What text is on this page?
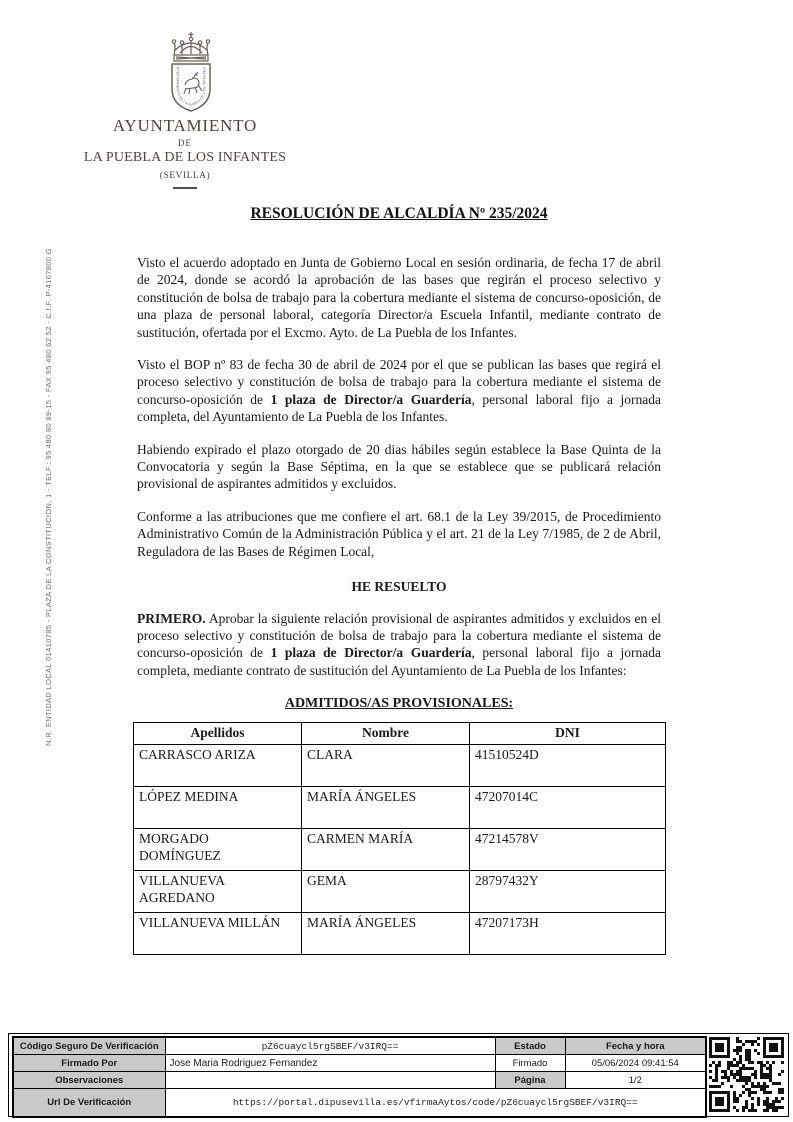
N.R. ENTIDAD LOCAL 01410785 - PLAZA DE LA CONSTITUCION, 1 - TELF.: 95 480 80 89-15 - FAX 95 480 62 52 - C.I.F. P-4107800 G
AYUNTAMIENTO DE LA PUEBLA DE LOS INFANTES
AYUNTAMIENTO
DE
LA PUEBLA DE LOS INFANTES
(SEVILLA)
RESOLUCIÓN DE ALCALDÍA Nº 235/2024

Visto el acuerdo adoptado en Junta de Gobierno Local en sesión ordinaria, de fecha 17 de abril de 2024, donde se acordó la aprobación de las bases que regirán el proceso selectivo y constitución de bolsa de trabajo para la cobertura mediante el sistema de concurso-oposición, de una plaza de personal laboral, categoría Director/a Escuela Infantil, mediante contrato de sustitución, ofertada por el Excmo. Ayto. de La Puebla de los Infantes.

Visto el BOP nº 83 de fecha 30 de abril de 2024 por el que se publican las bases que regirá el proceso selectivo y constitución de bolsa de trabajo para la cobertura mediante el sistema de concurso-oposición de 1 plaza de Director/a Guardería, personal laboral fijo a jornada completa, del Ayuntamiento de La Puebla de los Infantes.

Habiendo expirado el plazo otorgado de 20 dias hábiles según establece la Base Quinta de la Convocatoria y según la Base Séptima, en la que se establece que se publicará relación provisional de aspirantes admitidos y excluidos.

Conforme a las atribuciones que me confiere el art. 68.1 de la Ley 39/2015, de Procedimiento Administrativo Común de la Administración Pública y el art. 21 de la Ley 7/1985, de 2 de Abril, Reguladora de las Bases de Régimen Local,

HE RESUELTO

PRIMERO. Aprobar la siguiente relación provisional de aspirantes admitidos y excluidos en el proceso selectivo y constitución de bolsa de trabajo para la cobertura mediante el sistema de concurso-oposición de 1 plaza de Director/a Guardería, personal laboral fijo a jornada completa, mediante contrato de sustitución del Ayuntamiento de La Puebla de los Infantes:

ADMITIDOS/AS PROVISIONALES:

Apellidos	Nombre	DNI
CARRASCO ARIZA	CLARA	41510524D
LÓPEZ MEDINA	MARÍA ÁNGELES	47207014C
MORGADO
DOMÍNGUEZ	CARMEN MARÍA	47214578V
VILLANUEVA
AGREDANO	GEMA	28797432Y
VILLANUEVA MILLÁN	MARÍA ÁNGELES	47207173H
Código Seguro De Verificación	pZ6cuaycl5rgSBEF/v3IRQ==	Estado	Fecha y hora
Firmado Por	Jose Maria Rodriguez Fernandez	Firmado	05/06/2024 09:41:54
Observaciones		Página	1/2
Url De Verificación	https://portal.dipusevilla.es/vfirmaAytos/code/pZ6cuaycl5rgSBEF/v3IRQ==		
